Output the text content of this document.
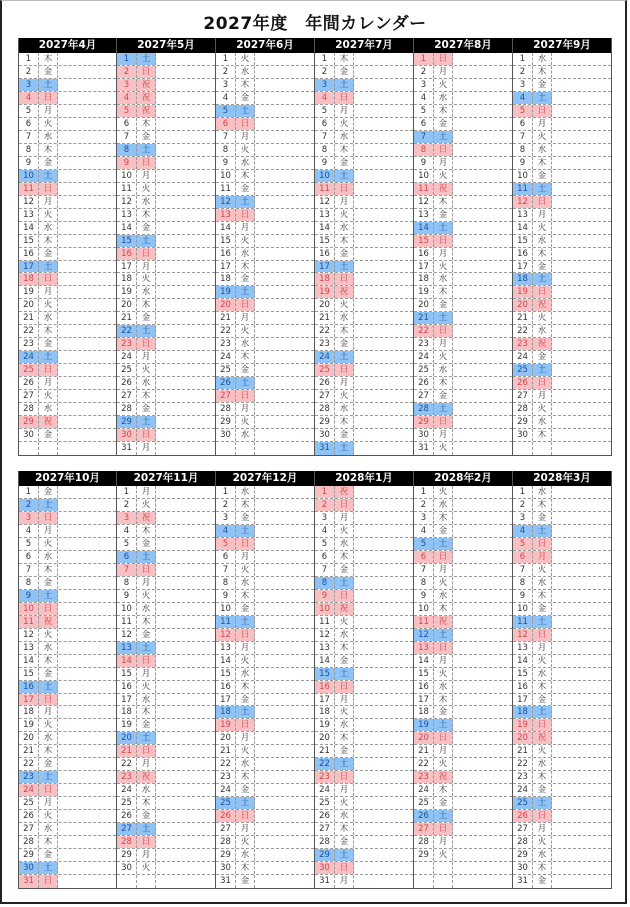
2027年度　年間カレンダー
2027年4月
1	木
2	金
3	土
4	日
5	月
6	火
7	水
8	木
9	金
10	土
11	日
12	月
13	火
14	水
15	木
16	金
17	土
18	日
19	月
20	火
21	水
22	木
23	金
24	土
25	日
26	月
27	火
28	水
29	祝
30	金
2027年5月
1	土
2	日
3	祝
4	祝
5	祝
6	木
7	金
8	土
9	日
10	月
11	火
12	水
13	木
14	金
15	土
16	日
17	月
18	火
19	水
20	木
21	金
22	土
23	日
24	月
25	火
26	水
27	木
28	金
29	土
30	日
31	月
2027年6月
1	火
2	水
3	木
4	金
5	土
6	日
7	月
8	火
9	水
10	木
11	金
12	土
13	日
14	月
15	火
16	水
17	木
18	金
19	土
20	日
21	月
22	火
23	水
24	木
25	金
26	土
27	日
28	月
29	火
30	水
2027年7月
1	木
2	金
3	土
4	日
5	月
6	火
7	水
8	木
9	金
10	土
11	日
12	月
13	火
14	水
15	木
16	金
17	土
18	日
19	祝
20	火
21	水
22	木
23	金
24	土
25	日
26	月
27	火
28	水
29	木
30	金
31	土
2027年8月
1	日
2	月
3	火
4	水
5	木
6	金
7	土
8	日
9	月
10	火
11	祝
12	木
13	金
14	土
15	日
16	月
17	火
18	水
19	木
20	金
21	土
22	日
23	月
24	火
25	水
26	木
27	金
28	土
29	日
30	月
31	火
2027年9月
1	水
2	木
3	金
4	土
5	日
6	月
7	火
8	水
9	木
10	金
11	土
12	日
13	月
14	火
15	水
16	木
17	金
18	土
19	日
20	祝
21	火
22	水
23	祝
24	金
25	土
26	日
27	月
28	火
29	水
30	木
2027年10月
1	金
2	土
3	日
4	月
5	火
6	水
7	木
8	金
9	土
10	日
11	祝
12	火
13	水
14	木
15	金
16	土
17	日
18	月
19	火
20	水
21	木
22	金
23	土
24	日
25	月
26	火
27	水
28	木
29	金
30	土
31	日
2027年11月
1	月
2	火
3	祝
4	木
5	金
6	土
7	日
8	月
9	火
10	水
11	木
12	金
13	土
14	日
15	月
16	火
17	水
18	木
19	金
20	土
21	日
22	月
23	祝
24	水
25	木
26	金
27	土
28	日
29	月
30	火
2027年12月
1	水
2	木
3	金
4	土
5	日
6	月
7	火
8	水
9	木
10	金
11	土
12	日
13	月
14	火
15	水
16	木
17	金
18	土
19	日
20	月
21	火
22	水
23	木
24	金
25	土
26	日
27	月
28	火
29	水
30	木
31	金
2028年1月
1	祝
2	日
3	月
4	火
5	水
6	木
7	金
8	土
9	日
10	祝
11	火
12	水
13	木
14	金
15	土
16	日
17	月
18	火
19	水
20	木
21	金
22	土
23	日
24	月
25	火
26	水
27	木
28	金
29	土
30	日
31	月
2028年2月
1	火
2	水
3	木
4	金
5	土
6	日
7	月
8	火
9	水
10	木
11	祝
12	土
13	日
14	月
15	火
16	水
17	木
18	金
19	土
20	日
21	月
22	火
23	祝
24	木
25	金
26	土
27	日
28	月
29	火
2028年3月
1	水
2	木
3	金
4	土
5	日
6	月
7	火
8	水
9	木
10	金
11	土
12	日
13	月
14	火
15	水
16	木
17	金
18	土
19	日
20	祝
21	火
22	水
23	木
24	金
25	土
26	日
27	月
28	火
29	水
30	木
31	金
